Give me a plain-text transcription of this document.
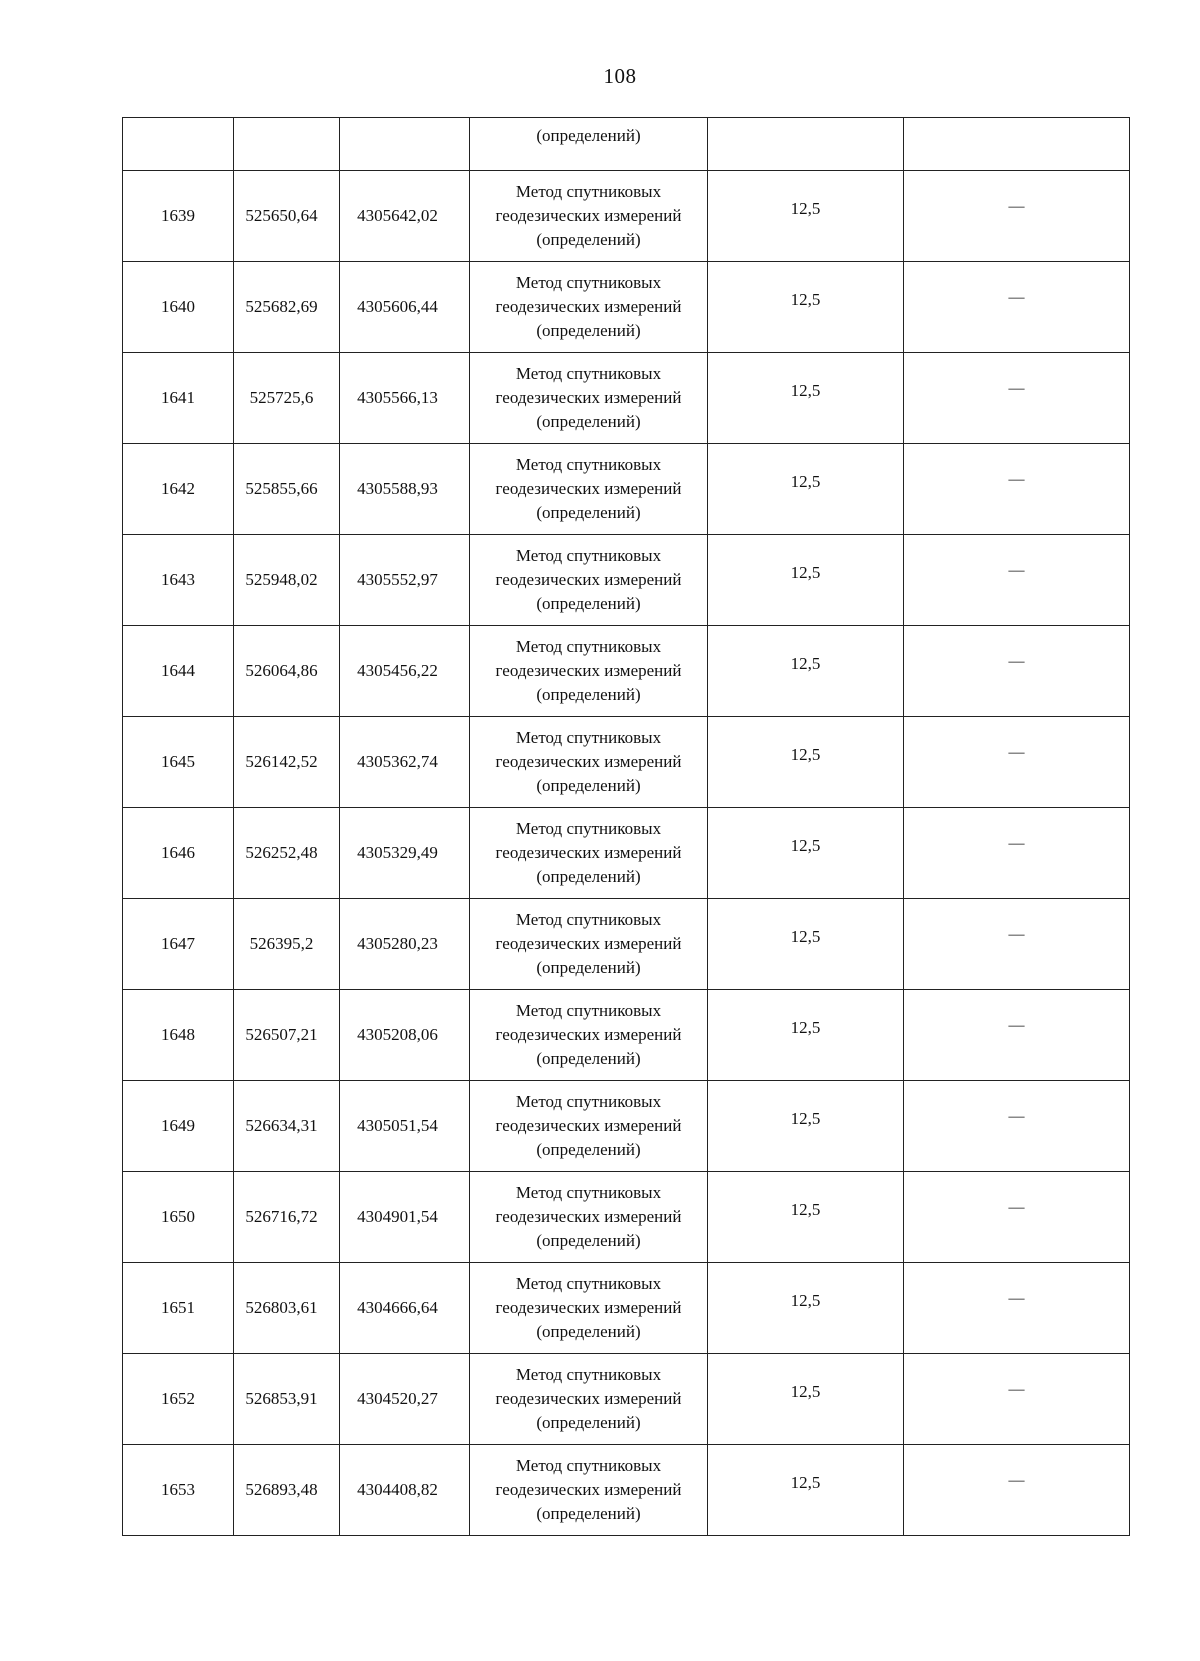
108

			(определений)		

1639	525650,64	4305642,02	Метод спутниковых
геодезических измерений
(определений)	12,5	—

1640	525682,69	4305606,44	Метод спутниковых
геодезических измерений
(определений)	12,5	—

1641	525725,6	4305566,13	Метод спутниковых
геодезических измерений
(определений)	12,5	—

1642	525855,66	4305588,93	Метод спутниковых
геодезических измерений
(определений)	12,5	—

1643	525948,02	4305552,97	Метод спутниковых
геодезических измерений
(определений)	12,5	—

1644	526064,86	4305456,22	Метод спутниковых
геодезических измерений
(определений)	12,5	—

1645	526142,52	4305362,74	Метод спутниковых
геодезических измерений
(определений)	12,5	—

1646	526252,48	4305329,49	Метод спутниковых
геодезических измерений
(определений)	12,5	—

1647	526395,2	4305280,23	Метод спутниковых
геодезических измерений
(определений)	12,5	—

1648	526507,21	4305208,06	Метод спутниковых
геодезических измерений
(определений)	12,5	—

1649	526634,31	4305051,54	Метод спутниковых
геодезических измерений
(определений)	12,5	—

1650	526716,72	4304901,54	Метод спутниковых
геодезических измерений
(определений)	12,5	—

1651	526803,61	4304666,64	Метод спутниковых
геодезических измерений
(определений)	12,5	—

1652	526853,91	4304520,27	Метод спутниковых
геодезических измерений
(определений)	12,5	—

1653	526893,48	4304408,82	Метод спутниковых
геодезических измерений
(определений)	12,5	—
